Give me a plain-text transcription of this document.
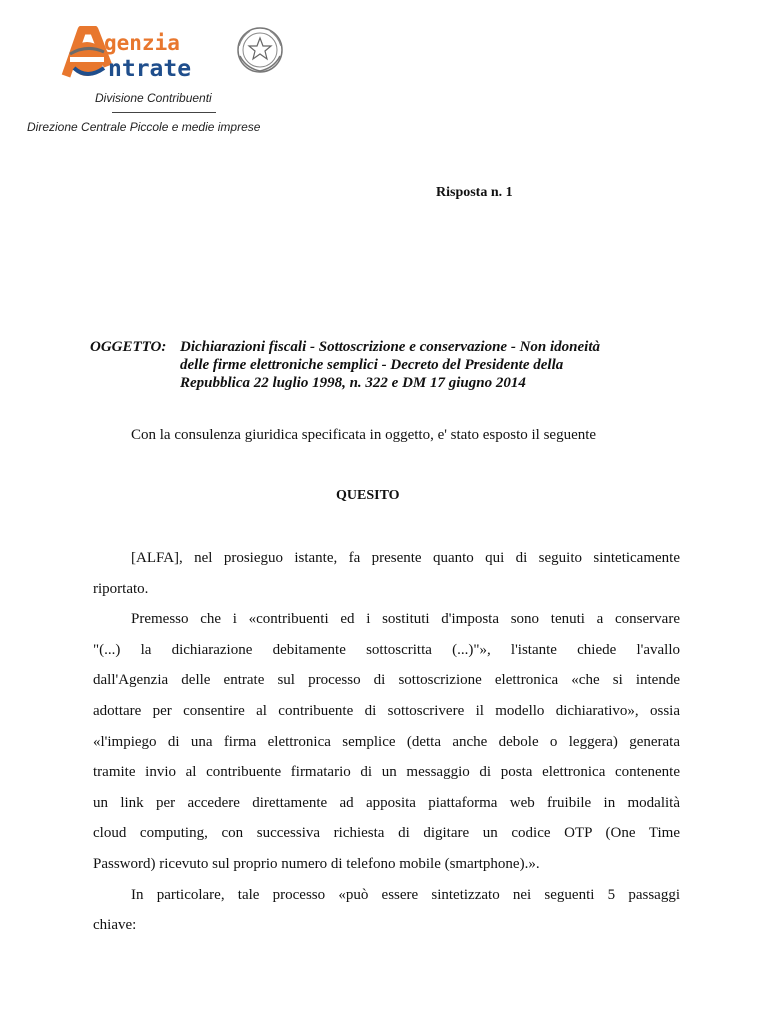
genzia
ntrate
Divisione Contribuenti
Direzione Centrale Piccole e medie imprese
Risposta n. 1
OGGETTO: Dichiarazioni fiscali - Sottoscrizione e conservazione - Non idoneità
delle firme elettroniche semplici - Decreto del Presidente della
Repubblica 22 luglio 1998, n. 322 e DM 17 giugno 2014
Con la consulenza giuridica specificata in oggetto, e' stato esposto il seguente
QUESITO
[ALFA], nel prosieguo istante, fa presente quanto qui di seguito sinteticamente
riportato.
Premesso che i «contribuenti ed i sostituti d'imposta sono tenuti a conservare
"(...) la dichiarazione debitamente sottoscritta (...)"», l'istante chiede l'avallo
dall'Agenzia delle entrate sul processo di sottoscrizione elettronica «che si intende
adottare per consentire al contribuente di sottoscrivere il modello dichiarativo», ossia
«l'impiego di una firma elettronica semplice (detta anche debole o leggera) generata
tramite invio al contribuente firmatario di un messaggio di posta elettronica contenente
un link per accedere direttamente ad apposita piattaforma web fruibile in modalità
cloud computing, con successiva richiesta di digitare un codice OTP (One Time
Password) ricevuto sul proprio numero di telefono mobile (smartphone).».
In particolare, tale processo «può essere sintetizzato nei seguenti 5 passaggi
chiave:
